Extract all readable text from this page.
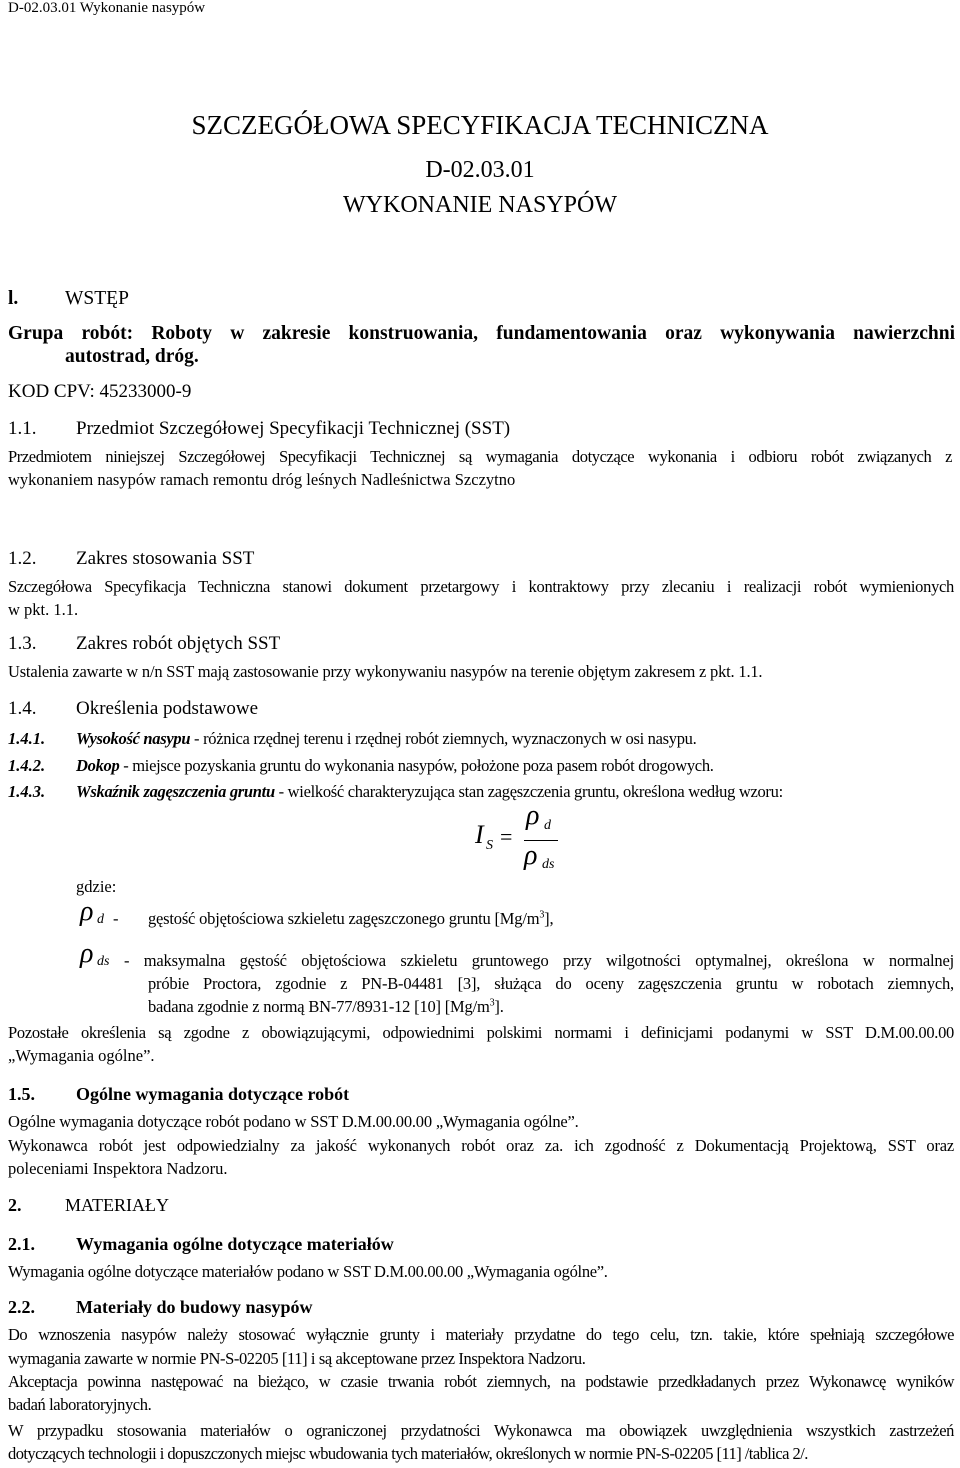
D-02.03.01 Wykonanie nasypów
SZCZEGÓŁOWA SPECYFIKACJA TECHNICZNA
D-02.03.01
WYKONANIE NASYPÓW
l. WSTĘP
Grupa robót: Roboty w zakresie konstruowania, fundamentowania oraz wykonywania nawierzchni
autostrad, dróg.
KOD CPV: 45233000-9
1.1. Przedmiot Szczegółowej Specyfikacji Technicznej (SST)
Przedmiotem niniejszej Szczegółowej Specyfikacji Technicznej są wymagania dotyczące wykonania i odbioru robót związanych z
wykonaniem nasypów ramach remontu dróg leśnych Nadleśnictwa Szczytno
1.2. Zakres stosowania SST
Szczegółowa Specyfikacja Techniczna stanowi dokument przetargowy i kontraktowy przy zlecaniu i realizacji robót wymienionych
w pkt. 1.1.
1.3. Zakres robót objętych SST
Ustalenia zawarte w n/n SST mają zastosowanie przy wykonywaniu nasypów na terenie objętym zakresem z pkt. 1.1.
1.4. Określenia podstawowe
1.4.1. Wysokość nasypu - różnica rzędnej terenu i rzędnej robót ziemnych, wyznaczonych w osi nasypu.
1.4.2. Dokop - miejsce pozyskania gruntu do wykonania nasypów, położone poza pasem robót drogowych.
1.4.3. Wskaźnik zagęszczenia gruntu - wielkość charakteryzująca stan zagęszczenia gruntu, określona według wzoru:
I S =
ρ d
ρ ds
gdzie:
ρ d - gęstość objętościowa szkieletu zagęszczonego gruntu $[Mg/m^3]$,
ρ ds - maksymalna gęstość objętościowa szkieletu gruntowego przy wilgotności optymalnej, określona w normalnej
próbie Proctora, zgodnie z PN-B-04481 [3], służąca do oceny zagęszczenia gruntu w robotach ziemnych,
badana zgodnie z normą BN-77/8931-12 [10] $[Mg/m^3]$.
Pozostałe określenia są zgodne z obowiązującymi, odpowiednimi polskimi normami i definicjami podanymi w SST D.M.00.00.00
„Wymagania ogólne”.
1.5. Ogólne wymagania dotyczące robót
Ogólne wymagania dotyczące robót podano w SST D.M.00.00.00 „Wymagania ogólne”.
Wykonawca robót jest odpowiedzialny za jakość wykonanych robót oraz za. ich zgodność z Dokumentacją Projektową, SST oraz
poleceniami Inspektora Nadzoru.
2. MATERIAŁY
2.1. Wymagania ogólne dotyczące materiałów
Wymagania ogólne dotyczące materiałów podano w SST D.M.00.00.00 „Wymagania ogólne”.
2.2. Materiały do budowy nasypów
Do wznoszenia nasypów należy stosować wyłącznie grunty i materiały przydatne do tego celu, tzn. takie, które spełniają szczegółowe
wymagania zawarte w normie PN-S-02205 [11] i są akceptowane przez Inspektora Nadzoru.
Akceptacja powinna następować na bieżąco, w czasie trwania robót ziemnych, na podstawie przedkładanych przez Wykonawcę wyników
badań laboratoryjnych.
W przypadku stosowania materiałów o ograniczonej przydatności Wykonawca ma obowiązek uwzględnienia wszystkich zastrzeżeń
dotyczących technologii i dopuszczonych miejsc wbudowania tych materiałów, określonych w normie PN-S-02205 [11] /tablica 2/.
